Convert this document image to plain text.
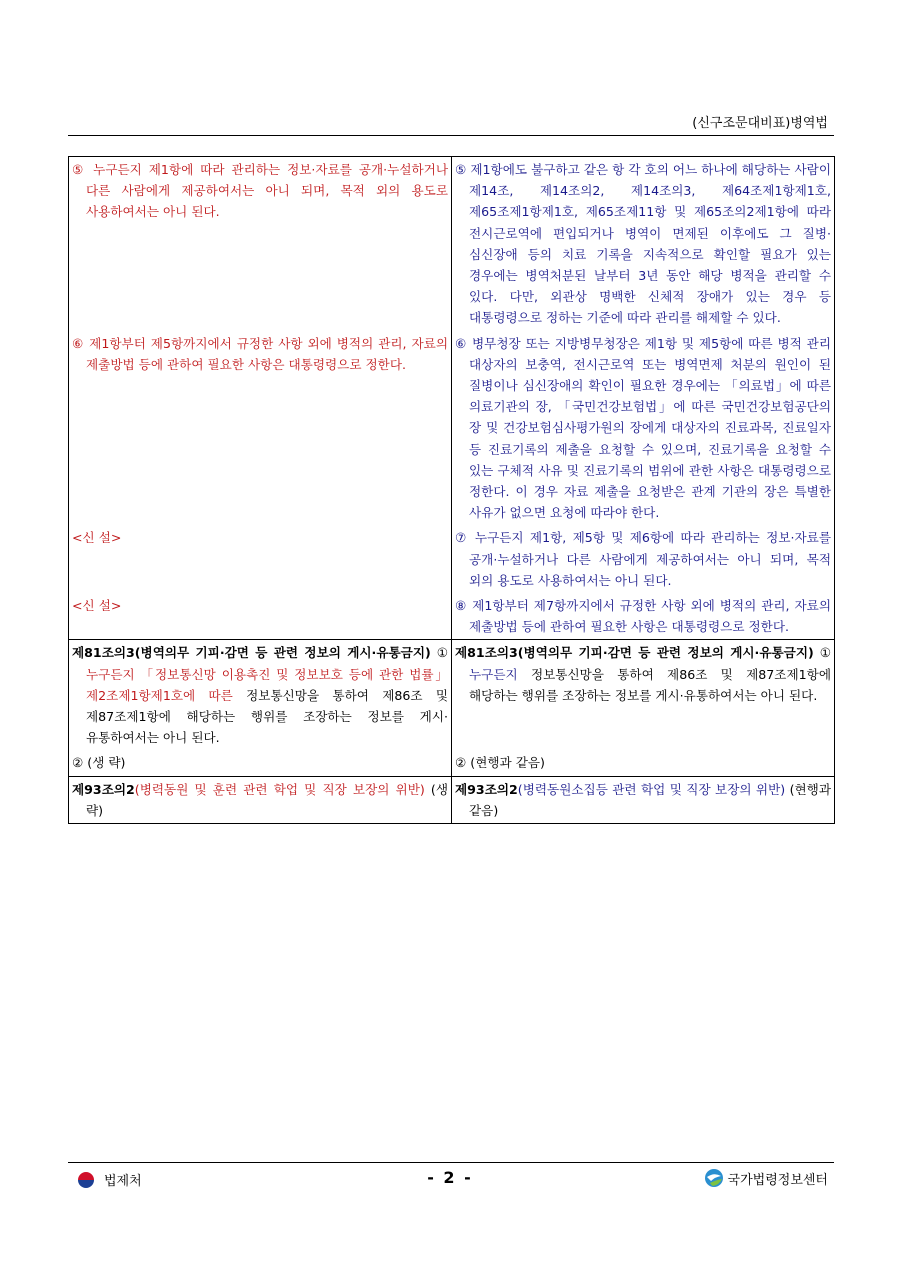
(신구조문대비표)병역법

⑤ 누구든지 제1항에 따라 관리하는 정보·자료를 공개·누설하거나 다른 사람에게 제공하여서는 아니 되며, 목적 외의 용도로 사용하여서는 아니 된다.	⑤ 제1항에도 불구하고 같은 항 각 호의 어느 하나에 해당하는 사람이 제14조, 제14조의2, 제14조의3, 제64조제1항제1호, 제65조제1항제1호, 제65조제11항 및 제65조의2제1항에 따라 전시근로역에 편입되거나 병역이 면제된 이후에도 그 질병·심신장애 등의 치료 기록을 지속적으로 확인할 필요가 있는 경우에는 병역처분된 날부터 3년 동안 해당 병적을 관리할 수 있다. 다만, 외관상 명백한 신체적 장애가 있는 경우 등 대통령령으로 정하는 기준에 따라 관리를 해제할 수 있다.

⑥ 제1항부터 제5항까지에서 규정한 사항 외에 병적의 관리, 자료의 제출방법 등에 관하여 필요한 사항은 대통령령으로 정한다.	⑥ 병무청장 또는 지방병무청장은 제1항 및 제5항에 따른 병적 관리 대상자의 보충역, 전시근로역 또는 병역면제 처분의 원인이 된 질병이나 심신장애의 확인이 필요한 경우에는 「의료법」에 따른 의료기관의 장, 「국민건강보험법」에 따른 국민건강보험공단의 장 및 건강보험심사평가원의 장에게 대상자의 진료과목, 진료일자 등 진료기록의 제출을 요청할 수 있으며, 진료기록을 요청할 수 있는 구체적 사유 및 진료기록의 범위에 관한 사항은 대통령령으로 정한다. 이 경우 자료 제출을 요청받은 관계 기관의 장은 특별한 사유가 없으면 요청에 따라야 한다.

<신 설>	⑦ 누구든지 제1항, 제5항 및 제6항에 따라 관리하는 정보·자료를 공개·누설하거나 다른 사람에게 제공하여서는 아니 되며, 목적 외의 용도로 사용하여서는 아니 된다.

<신 설>	⑧ 제1항부터 제7항까지에서 규정한 사항 외에 병적의 관리, 자료의 제출방법 등에 관하여 필요한 사항은 대통령령으로 정한다.

제81조의3(병역의무 기피·감면 등 관련 정보의 게시·유통금지) ① 누구든지 「정보통신망 이용촉진 및 정보보호 등에 관한 법률」 제2조제1항제1호에 따른 정보통신망을 통하여 제86조 및 제87조제1항에 해당하는 행위를 조장하는 정보를 게시·유통하여서는 아니 된다.	제81조의3(병역의무 기피·감면 등 관련 정보의 게시·유통금지) ① 누구든지 정보통신망을 통하여 제86조 및 제87조제1항에 해당하는 행위를 조장하는 정보를 게시·유통하여서는 아니 된다.

② (생 략)	② (현행과 같음)

제93조의2(병력동원 및 훈련 관련 학업 및 직장 보장의 위반) (생 략)	제93조의2(병력동원소집등 관련 학업 및 직장 보장의 위반) (현행과 같음)

법제처	- 2 -	국가법령정보센터
